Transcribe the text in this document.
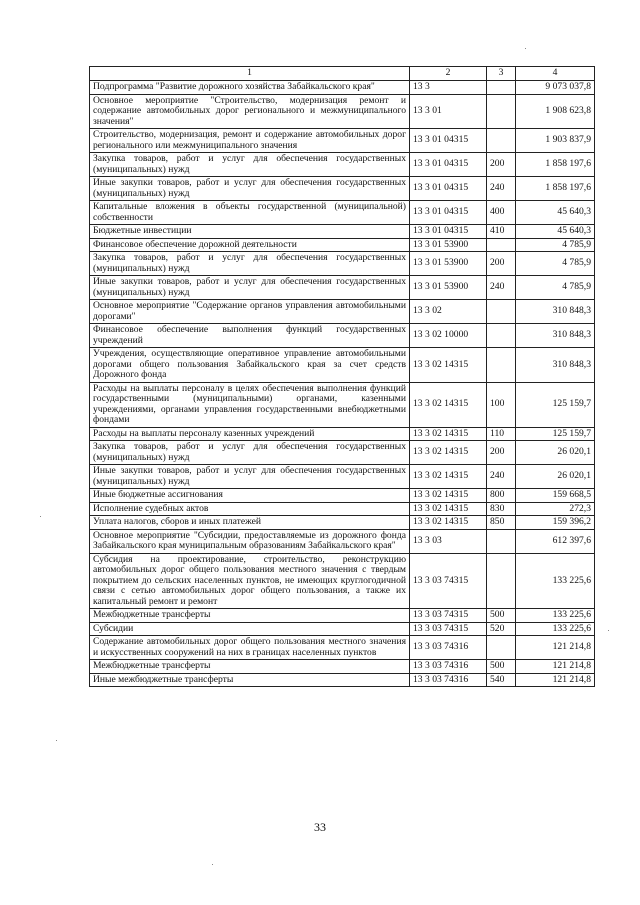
1	2	3	4
Подпрограмма "Развитие дорожного хозяйства Забайкальского края"	13 3		9 073 037,8
Основное мероприятие "Строительство, модернизация ремонт и содержание автомобильных дорог регионального и межмуниципального значения"	13 3 01		1 908 623,8
Строительство, модернизация, ремонт и содержание автомобильных дорог регионального или межмуниципального значения	13 3 01 04315		1 903 837,9
Закупка товаров, работ и услуг для обеспечения государственных (муниципальных) нужд	13 3 01 04315	200	1 858 197,6
Иные закупки товаров, работ и услуг для обеспечения государственных (муниципальных) нужд	13 3 01 04315	240	1 858 197,6
Капитальные вложения в объекты государственной (муниципальной) собственности	13 3 01 04315	400	45 640,3
Бюджетные инвестиции	13 3 01 04315	410	45 640,3
Финансовое обеспечение дорожной деятельности	13 3 01 53900		4 785,9
Закупка товаров, работ и услуг для обеспечения государственных (муниципальных) нужд	13 3 01 53900	200	4 785,9
Иные закупки товаров, работ и услуг для обеспечения государственных (муниципальных) нужд	13 3 01 53900	240	4 785,9
Основное мероприятие "Содержание органов управления автомобильными дорогами"	13 3 02		310 848,3
Финансовое обеспечение выполнения функций государственных учреждений	13 3 02 10000		310 848,3
Учреждения, осуществляющие оперативное управление автомобильными дорогами общего пользования Забайкальского края за счет средств Дорожного фонда	13 3 02 14315		310 848,3
Расходы на выплаты персоналу в целях обеспечения выполнения функций государственными (муниципальными) органами, казенными учреждениями, органами управления государственными внебюджетными фондами	13 3 02 14315	100	125 159,7
Расходы на выплаты персоналу казенных учреждений	13 3 02 14315	110	125 159,7
Закупка товаров, работ и услуг для обеспечения государственных (муниципальных) нужд	13 3 02 14315	200	26 020,1
Иные закупки товаров, работ и услуг для обеспечения государственных (муниципальных) нужд	13 3 02 14315	240	26 020,1
Иные бюджетные ассигнования	13 3 02 14315	800	159 668,5
Исполнение судебных актов	13 3 02 14315	830	272,3
Уплата налогов, сборов и иных платежей	13 3 02 14315	850	159 396,2
Основное мероприятие "Субсидии, предоставляемые из дорожного фонда Забайкальского края муниципальным образованиям Забайкальского края"	13 3 03		612 397,6
Субсидия на проектирование, строительство, реконструкцию автомобильных дорог общего пользования местного значения с твердым покрытием до сельских населенных пунктов, не имеющих круглогодичной связи с сетью автомобильных дорог общего пользования, а также их капитальный ремонт и ремонт	13 3 03 74315		133 225,6
Межбюджетные трансферты	13 3 03 74315	500	133 225,6
Субсидии	13 3 03 74315	520	133 225,6
Содержание автомобильных дорог общего пользования местного значения и искусственных сооружений на них в границах населенных пунктов	13 3 03 74316		121 214,8
Межбюджетные трансферты	13 3 03 74316	500	121 214,8
Иные межбюджетные трансферты	13 3 03 74316	540	121 214,8
33
